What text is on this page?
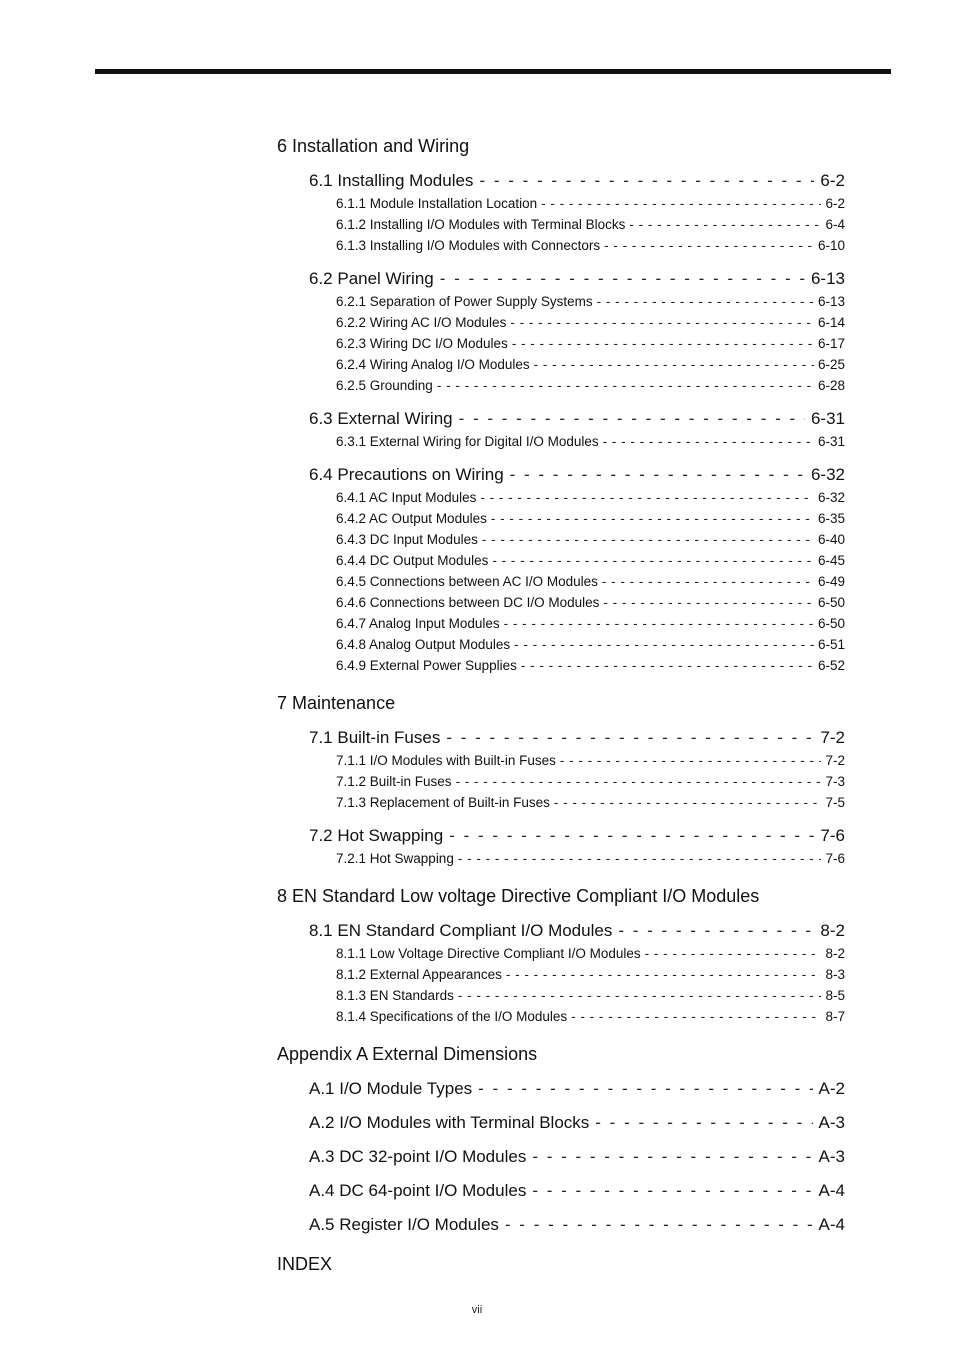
6 Installation and Wiring
6.1 Installing Modules - - -	6-2
6.1.1 Module Installation Location - - -	6-2
6.1.2 Installing I/O Modules with Terminal Blocks - - -	6-4
6.1.3 Installing I/O Modules with Connectors - - -	6-10
6.2 Panel Wiring - - -	6-13
6.2.1 Separation of Power Supply Systems - - -	6-13
6.2.2 Wiring AC I/O Modules - - -	6-14
6.2.3 Wiring DC I/O Modules - - -	6-17
6.2.4 Wiring Analog I/O Modules - - -	6-25
6.2.5 Grounding - - -	6-28
6.3 External Wiring - - -	6-31
6.3.1 External Wiring for Digital I/O Modules - - -	6-31
6.4 Precautions on Wiring - - -	6-32
6.4.1 AC Input Modules - - -	6-32
6.4.2 AC Output Modules - - -	6-35
6.4.3 DC Input Modules - - -	6-40
6.4.4 DC Output Modules - - -	6-45
6.4.5 Connections between AC I/O Modules - - -	6-49
6.4.6 Connections between DC I/O Modules - - -	6-50
6.4.7 Analog Input Modules - - -	6-50
6.4.8 Analog Output Modules - - -	6-51
6.4.9 External Power Supplies - - -	6-52
7 Maintenance
7.1 Built-in Fuses - - -	7-2
7.1.1 I/O Modules with Built-in Fuses - - -	7-2
7.1.2 Built-in Fuses - - -	7-3
7.1.3 Replacement of Built-in Fuses - - -	7-5
7.2 Hot Swapping - - -	7-6
7.2.1 Hot Swapping - - -	7-6
8 EN Standard Low voltage Directive Compliant I/O Modules
8.1 EN Standard Compliant I/O Modules - - -	8-2
8.1.1 Low Voltage Directive Compliant I/O Modules - - -	8-2
8.1.2 External Appearances - - -	8-3
8.1.3 EN Standards - - -	8-5
8.1.4 Specifications of the I/O Modules - - -	8-7
Appendix A External Dimensions
A.1 I/O Module Types - - -	A-2
A.2 I/O Modules with Terminal Blocks - - -	A-3
A.3 DC 32-point I/O Modules - - -	A-3
A.4 DC 64-point I/O Modules - - -	A-4
A.5 Register I/O Modules - - -	A-4
INDEX
vii
